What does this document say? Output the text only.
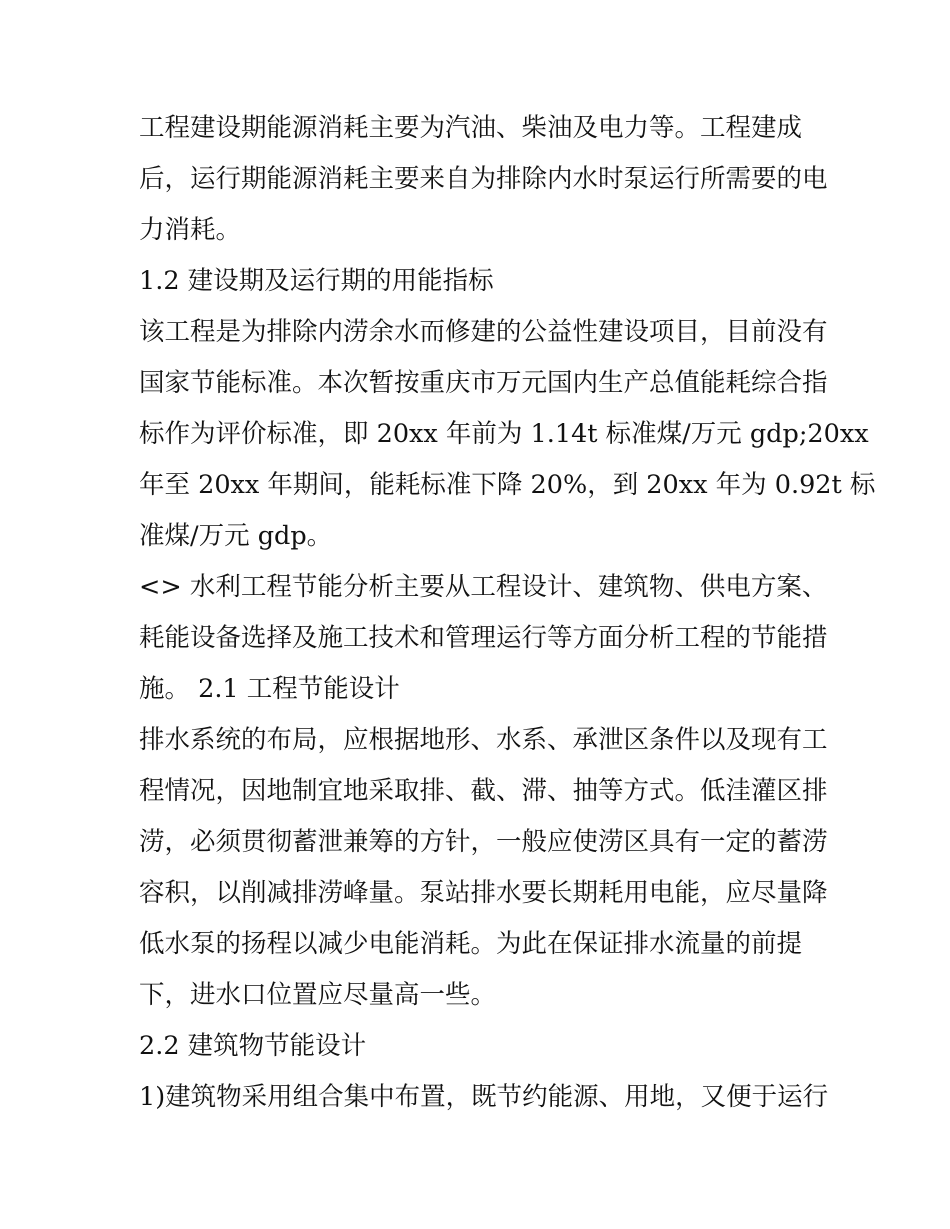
工程建设期能源消耗主要为汽油、柴油及电力等。工程建成
后，运行期能源消耗主要来自为排除内水时泵运行所需要的电
力消耗。
1.2 建设期及运行期的用能指标
该工程是为排除内涝余水而修建的公益性建设项目，目前没有
国家节能标准。本次暂按重庆市万元国内生产总值能耗综合指
标作为评价标准，即 20xx 年前为 1.14t 标准煤/万元 gdp;20xx
年至 20xx 年期间，能耗标准下降 20%，到 20xx 年为 0.92t 标
准煤/万元 gdp。
<> 水利工程节能分析主要从工程设计、建筑物、供电方案、
耗能设备选择及施工技术和管理运行等方面分析工程的节能措
施。 2.1 工程节能设计
排水系统的布局，应根据地形、水系、承泄区条件以及现有工
程情况，因地制宜地采取排、截、滞、抽等方式。低洼灌区排
涝，必须贯彻蓄泄兼筹的方针，一般应使涝区具有一定的蓄涝
容积，以削减排涝峰量。泵站排水要长期耗用电能，应尽量降
低水泵的扬程以减少电能消耗。为此在保证排水流量的前提
下，进水口位置应尽量高一些。
2.2 建筑物节能设计
1)建筑物采用组合集中布置，既节约能源、用地，又便于运行
